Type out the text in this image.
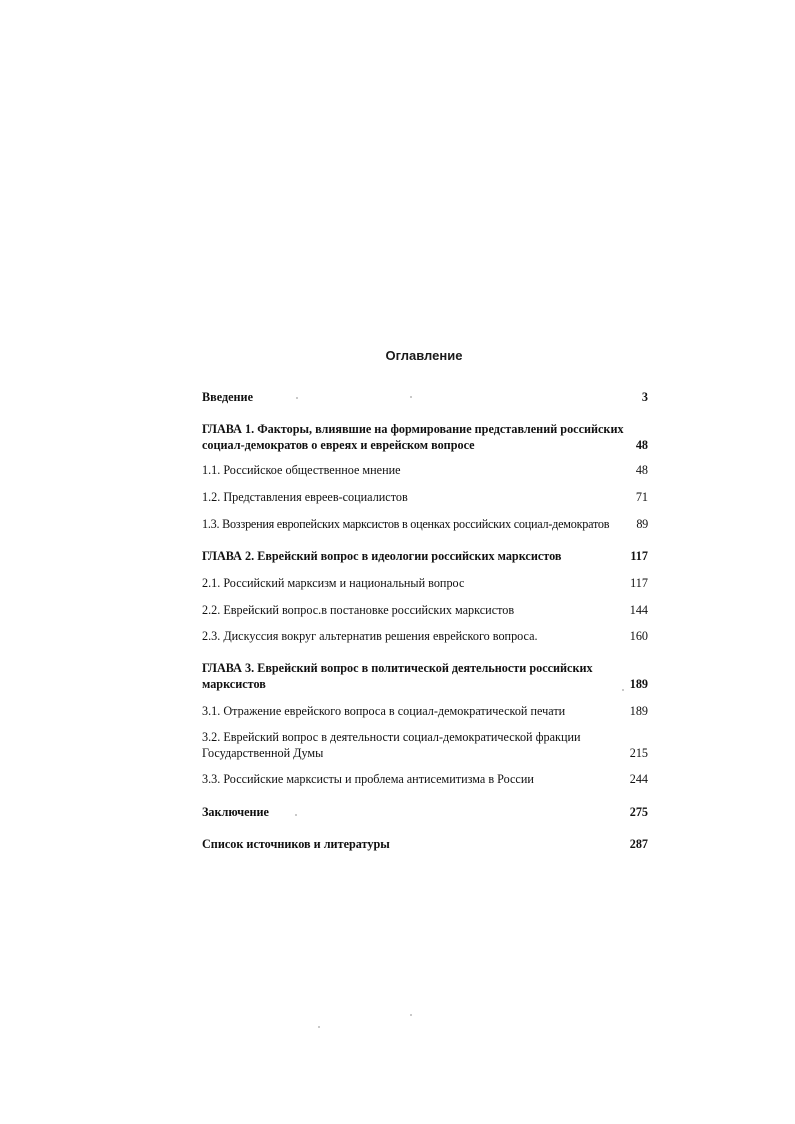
Оглавление
Введение	3
ГЛАВА 1. Факторы, влиявшие на формирование представлений российских социал-демократов о евреях и еврейском вопросе	48
1.1. Российское общественное мнение	48
1.2. Представления евреев-социалистов	71
1.3. Воззрения европейских марксистов в оценках российских социал-демократов	89
ГЛАВА 2. Еврейский вопрос в идеологии российских марксистов	117
2.1. Российский марксизм и национальный вопрос	117
2.2. Еврейский вопрос.в постановке российских марксистов	144
2.3. Дискуссия вокруг альтернатив решения еврейского вопроса.	160
ГЛАВА 3. Еврейский вопрос в политической деятельности российских марксистов	189
3.1. Отражение еврейского вопроса в социал-демократической печати	189
3.2. Еврейский вопрос в деятельности социал-демократической фракции Государственной Думы	215
3.3. Российские марксисты и проблема антисемитизма в России	244
Заключение	275
Список источников и литературы	287
